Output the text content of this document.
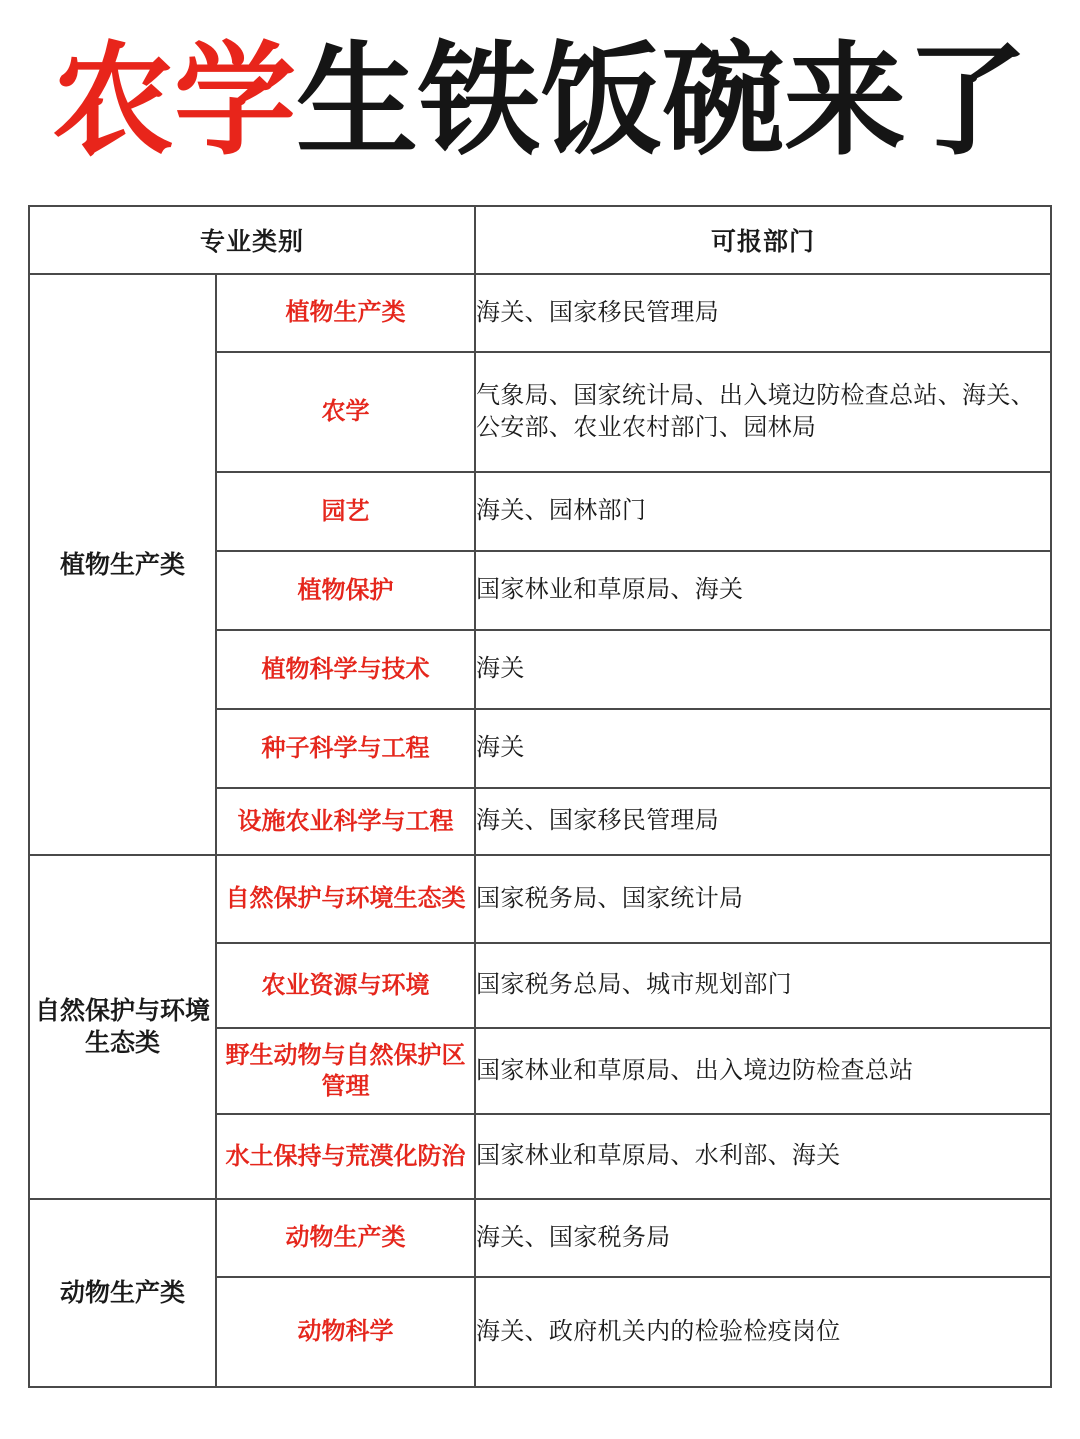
农学生铁饭碗来了
专业类别		可报部门
植物生产类	植物生产类	海关、国家移民管理局
	农学	气象局、国家统计局、出入境边防检查总站、海关、公安部、农业农村部门、园林局
	园艺	海关、园林部门
	植物保护	国家林业和草原局、海关
	植物科学与技术	海关
	种子科学与工程	海关
	设施农业科学与工程	海关、国家移民管理局
自然保护与环境生态类	自然保护与环境生态类	国家税务局、国家统计局
	农业资源与环境	国家税务总局、城市规划部门
	野生动物与自然保护区管理	国家林业和草原局、出入境边防检查总站
	水土保持与荒漠化防治	国家林业和草原局、水利部、海关
动物生产类	动物生产类	海关、国家税务局
	动物科学	海关、政府机关内的检验检疫岗位
